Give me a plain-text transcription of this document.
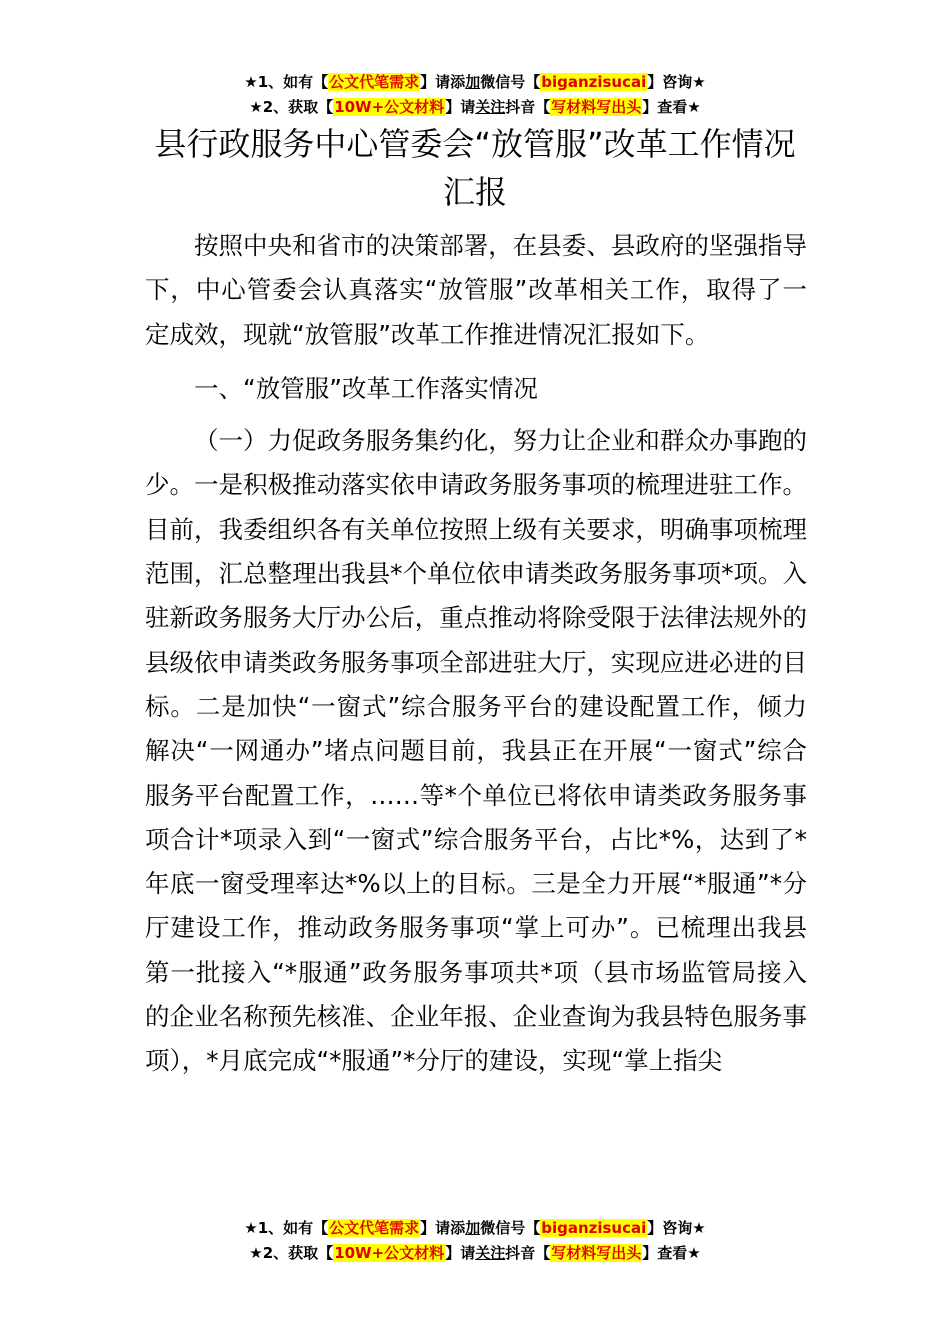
★1、如有【公文代笔需求】请添加微信号【biganzisucai】咨询★
★2、获取【10W+公文材料】请关注抖音【写材料写出头】查看★
县行政服务中心管委会“放管服”改革工作情况汇报

按照中央和省市的决策部署，在县委、县政府的坚强指导下，中心管委会认真落实“放管服”改革相关工作，取得了一定成效，现就“放管服”改革工作推进情况汇报如下。

一、“放管服”改革工作落实情况

（一）力促政务服务集约化，努力让企业和群众办事跑的少。一是积极推动落实依申请政务服务事项的梳理进驻工作。目前，我委组织各有关单位按照上级有关要求，明确事项梳理范围，汇总整理出我县*个单位依申请类政务服务事项*项。入驻新政务服务大厅办公后，重点推动将除受限于法律法规外的县级依申请类政务服务事项全部进驻大厅，实现应进必进的目标。二是加快“一窗式”综合服务平台的建设配置工作，倾力解决“一网通办”堵点问题目前，我县正在开展“一窗式”综合服务平台配置工作，……等*个单位已将依申请类政务服务事项合计*项录入到“一窗式”综合服务平台，占比*%，达到了*年底一窗受理率达*%以上的目标。三是全力开展“*服通”*分厅建设工作，推动政务服务事项“掌上可办”。已梳理出我县第一批接入“*服通”政务服务事项共*项（县市场监管局接入的企业名称预先核准、企业年报、企业查询为我县特色服务事项），*月底完成“*服通”*分厅的建设，实现“掌上指尖

★1、如有【公文代笔需求】请添加微信号【biganzisucai】咨询★
★2、获取【10W+公文材料】请关注抖音【写材料写出头】查看★
